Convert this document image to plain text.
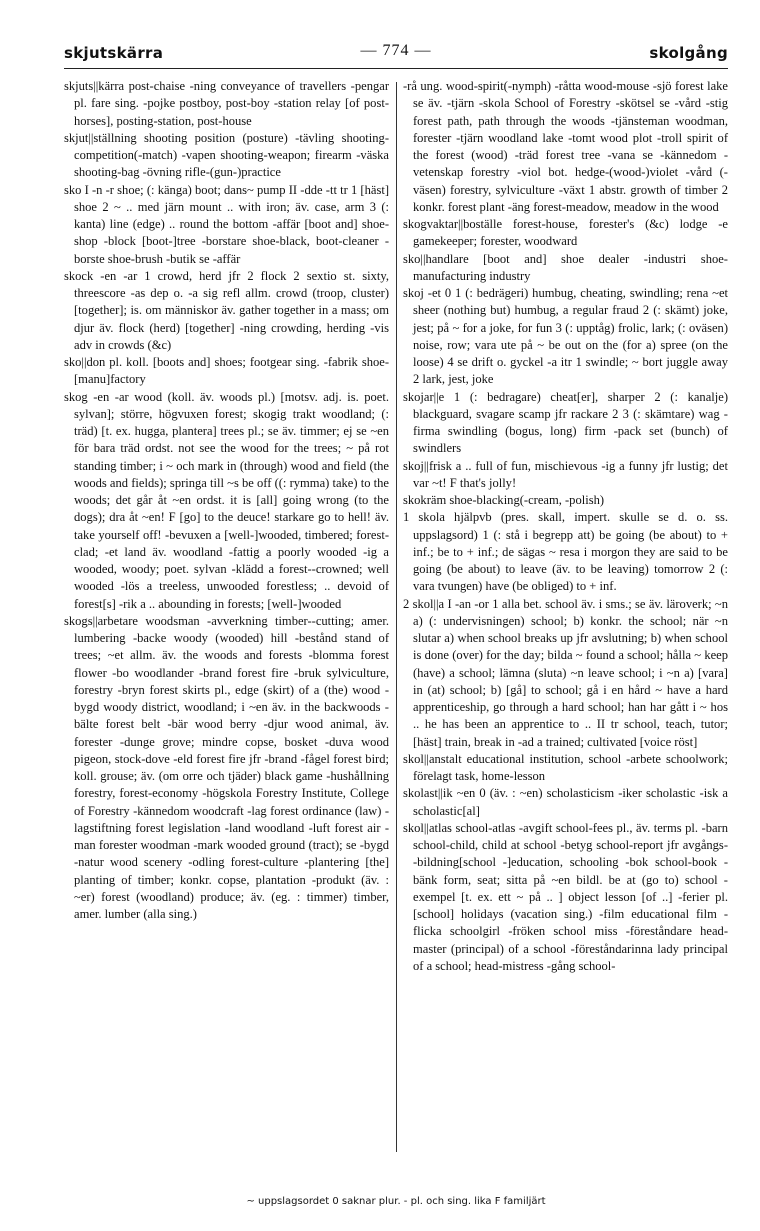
skjutskärra	— 774 —	skolgång

skjuts||kärra post-chaise -ning conveyance of travellers -pengar pl. fare sing. -pojke postboy, post-boy -station relay [of post-horses], posting-station, post-house

skjut||ställning shooting position (posture) -tävling shooting-competition(-match) -vapen shooting-weapon; firearm -väska shooting-bag -övning rifle-(gun-)practice

sko I -n -r shoe; (: känga) boot; dans~ pump II -dde -tt tr 1 [häst] shoe 2 ~ .. med järn mount .. with iron; äv. case, arm 3 (: kanta) line (edge) .. round the bottom -affär [boot and] shoe-shop -block [boot-]tree -borstare shoe-black, boot-cleaner -borste shoe-brush -butik se -affär

skock -en -ar 1 crowd, herd jfr 2 flock 2 sextio st. sixty, threescore -as dep o. -a sig refl allm. crowd (troop, cluster) [together]; is. om människor äv. gather together in a mass; om djur äv. flock (herd) [together] -ning crowding, herding -vis adv in crowds (&c)

sko||don pl. koll. [boots and] shoes; footgear sing. -fabrik shoe-[manu]factory

skog -en -ar wood (koll. äv. woods pl.) [motsv. adj. is. poet. sylvan]; större, högvuxen forest; skogig trakt woodland; (: träd) [t. ex. hugga, plantera] trees pl.; se äv. timmer; ej se ~en för bara träd ordst. not see the wood for the trees; ~ på rot standing timber; i ~ och mark in (through) wood and field (the woods and fields); springa till ~s be off ((: rymma) take) to the woods; det går åt ~en ordst. it is [all] going wrong (to the dogs); dra åt ~en! F [go] to the deuce! starkare go to hell! äv. take yourself off! -bevuxen a [well-]wooded, timbered; forest-clad; -et land äv. woodland -fattig a poorly wooded -ig a wooded, woody; poet. sylvan -klädd a forest--crowned; well wooded -lös a treeless, unwooded forestless; .. devoid of forest[s] -rik a .. abounding in forests; [well-]wooded

skogs||arbetare woodsman -avverkning timber--cutting; amer. lumbering -backe woody (wooded) hill -bestånd stand of trees; ~et allm. äv. the woods and forests -blomma forest flower -bo woodlander -brand forest fire -bruk sylviculture, forestry -bryn forest skirts pl., edge (skirt) of a (the) wood -bygd woody district, woodland; i ~en äv. in the backwoods -bälte forest belt -bär wood berry -djur wood animal, äv. forester -dunge grove; mindre copse, bosket -duva wood pigeon, stock-dove -eld forest fire jfr -brand -fågel forest bird; koll. grouse; äv. (om orre och tjäder) black game -hushållning forestry, forest-economy -högskola Forestry Institute, College of Forestry -kännedom woodcraft -lag forest ordinance (law) -lagstiftning forest legislation -land woodland -luft forest air -man forester woodman -mark wooded ground (tract); se -bygd -natur wood scenery -odling forest-culture -plantering [the] planting of timber; konkr. copse, plantation -produkt (äv. : ~er) forest (woodland) produce; äv. (eg. : timmer) timber, amer. lumber (alla sing.)

-rå ung. wood-spirit(-nymph) -råtta wood-mouse -sjö forest lake se äv. -tjärn -skola School of Forestry -skötsel se -vård -stig forest path, path through the woods -tjänsteman woodman, forester -tjärn woodland lake -tomt wood plot -troll spirit of the forest (wood) -träd forest tree -vana se -kännedom -vetenskap forestry -viol bot. hedge-(wood-)violet -vård (-väsen) forestry, sylviculture -växt 1 abstr. growth of timber 2 konkr. forest plant -äng forest-meadow, meadow in the wood

skogvaktar||boställe forest-house, forester's (&c) lodge -e gamekeeper; forester, woodward

sko||handlare [boot and] shoe dealer -industri shoe-manufacturing industry

skoj -et 0 1 (: bedrägeri) humbug, cheating, swindling; rena ~et sheer (nothing but) humbug, a regular fraud 2 (: skämt) joke, jest; på ~ for a joke, for fun 3 (: upptåg) frolic, lark; (: oväsen) noise, row; vara ute på ~ be out on the (for a) spree (on the loose) 4 se drift o. gyckel -a itr 1 swindle; ~ bort juggle away 2 lark, jest, joke

skojar||e 1 (: bedragare) cheat[er], sharper 2 (: kanalje) blackguard, svagare scamp jfr rackare 2 3 (: skämtare) wag -firma swindling (bogus, long) firm -pack set (bunch) of swindlers

skoj||frisk a .. full of fun, mischievous -ig a funny jfr lustig; det var ~t! F that's jolly!

skokräm shoe-blacking(-cream, -polish)

1 skola hjälpvb (pres. skall, impert. skulle se d. o. ss. uppslagsord) 1 (: stå i begrepp att) be going (be about) to + inf.; be to + inf.; de sägas ~ resa i morgon they are said to be going (be about) to leave (äv. to be leaving) tomorrow 2 (: vara tvungen) have (be obliged) to + inf.

2 skol||a I -an -or 1 alla bet. school äv. i sms.; se äv. läroverk; ~n a) (: undervisningen) school; b) konkr. the school; när ~n slutar a) when school breaks up jfr avslutning; b) when school is done (over) for the day; bilda ~ found a school; hålla ~ keep (have) a school; lämna (sluta) ~n leave school; i ~n a) [vara] in (at) school; b) [gå] to school; gå i en hård ~ have a hard apprenticeship, go through a hard school; han har gått i ~ hos .. he has been an apprentice to .. II tr school, teach, tutor; [häst] train, break in -ad a trained; cultivated [voice röst]

skol||anstalt educational institution, school -arbete schoolwork; förelagt task, home-lesson

skolast||ik ~en 0 (äv. : ~en) scholasticism -iker scholastic -isk a scholastic[al]

skol||atlas school-atlas -avgift school-fees pl., äv. terms pl. -barn school-child, child at school -betyg school-report jfr avgångs- -bildning[school -]education, schooling -bok school-book -bänk form, seat; sitta på ~en bildl. be at (go to) school -exempel [t. ex. ett ~ på .. ] object lesson [of ..] -ferier pl. [school] holidays (vacation sing.) -film educational film -flicka schoolgirl -fröken school miss -föreståndare head-master (principal) of a school -föreståndarinna lady principal of a school; head-mistress -gång school-

~ uppslagsordet 0 saknar plur. - pl. och sing. lika F familjärt
